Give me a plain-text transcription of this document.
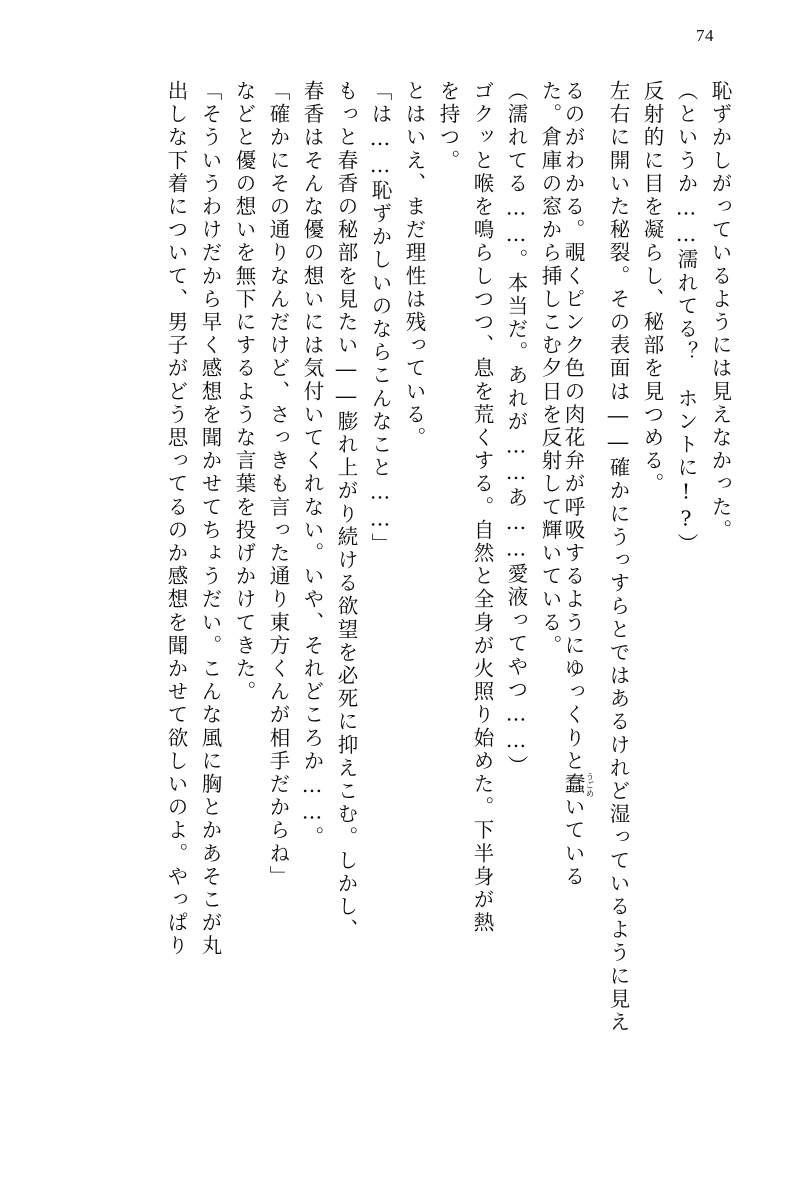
74
恥ずかしがっているようには見えなかった。
（というか……濡れてる？　ホントに!?）
反射的に目を凝らし、秘部を見つめる。
左右に開いた秘裂。その表面は――確かにうっすらとではあるけれど湿っているように見え
るのがわかる。覗くピンク色の肉花弁が呼吸するようにゆっくりと蠢 うごめいている
た。倉庫の窓から挿しこむ夕日を反射して輝いている。
（濡れてる……。本当だ。あれが……あ……愛液ってやつ……）
ゴクッと喉を鳴らしつつ、息を荒くする。自然と全身が火照り始めた。下半身が熱
を持つ。
とはいえ、まだ理性は残っている。
「は……恥ずかしいのならこんなこと……」
もっと春香の秘部を見たい――膨れ上がり続ける欲望を必死に抑えこむ。しかし、
春香はそんな優の想いには気付いてくれない。いや、それどころか……。
「確かにその通りなんだけど、さっきも言った通り東方くんが相手だからね」
などと優の想いを無下にするような言葉を投げかけてきた。
「そういうわけだから早く感想を聞かせてちょうだい。こんな風に胸とかあそこが丸
出しな下着について、男子がどう思ってるのか感想を聞かせて欲しいのよ。やっぱり
